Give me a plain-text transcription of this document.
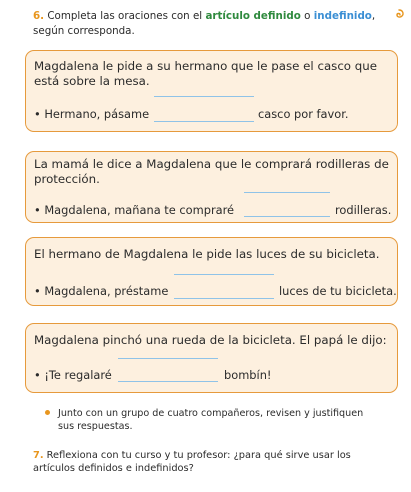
6. Completa las oraciones con el artículo definido o indefinido,
según corresponda.
Magdalena le pide a su hermano que le pase el casco que está sobre la mesa.
• Hermano, pásame	casco por favor.
La mamá le dice a Magdalena que le comprará rodilleras de protección.
• Magdalena, mañana te compraré	rodilleras.
El hermano de Magdalena le pide las luces de su bicicleta.
• Magdalena, préstame	luces de tu bicicleta.
Magdalena pinchó una rueda de la bicicleta. El papá le dijo:
• ¡Te regalaré	bombín!
Junto con un grupo de cuatro compañeros, revisen y justifiquen sus respuestas.
7. Reflexiona con tu curso y tu profesor: ¿para qué sirve usar los artículos definidos e indefinidos?
